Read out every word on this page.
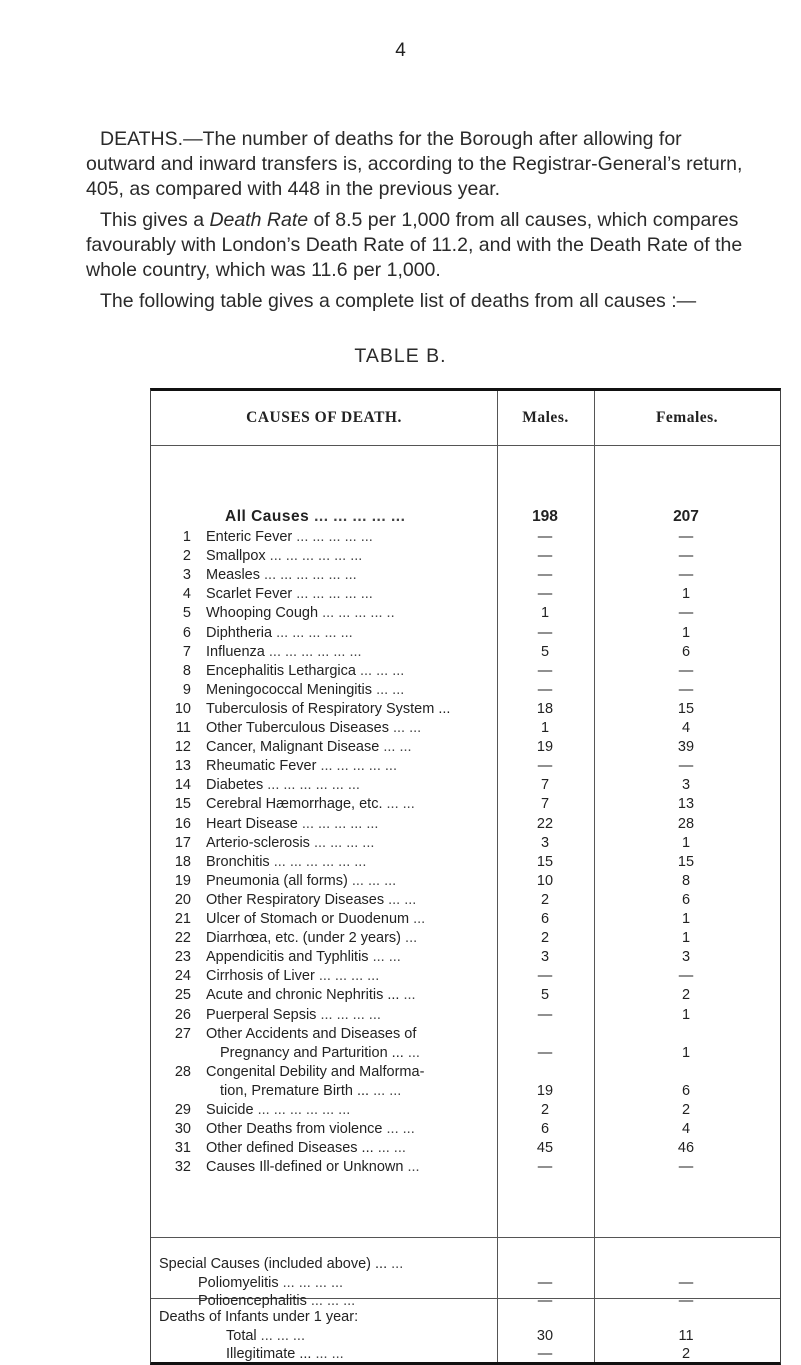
4
DEATHS.—The number of deaths for the Borough after allowing for outward and inward transfers is, according to the Registrar-General’s return, 405, as compared with 448 in the previous year.
This gives a Death Rate of 8.5 per 1,000 from all causes, which compares favourably with London’s Death Rate of 11.2, and with the Death Rate of the whole country, which was 11.6 per 1,000.
The following table gives a complete list of deaths from all causes :—
TABLE B.
CAUSES OF DEATH.	Males.	Females.
All Causes ... ... ... ... ...	198	207
1 Enteric Fever ... ... ... ... ...	—	—
2 Smallpox ... ... ... ... ... ...	—	—
3 Measles ... ... ... ... ... ...	—	—
4 Scarlet Fever ... ... ... ... ...	—	1
5 Whooping Cough ... ... ... ... ..	1	—
6 Diphtheria ... ... ... ... ...	—	1
7 Influenza ... ... ... ... ... ...	5	6
8 Encephalitis Lethargica ... ... ...	—	—
9 Meningococcal Meningitis ... ...	—	—
10 Tuberculosis of Respiratory System ...	18	15
11 Other Tuberculous Diseases ... ...	1	4
12 Cancer, Malignant Disease ... ...	19	39
13 Rheumatic Fever ... ... ... ... ...	—	—
14 Diabetes ... ... ... ... ... ...	7	3
15 Cerebral Hæmorrhage, etc. ... ...	7	13
16 Heart Disease ... ... ... ... ...	22	28
17 Arterio-sclerosis ... ... ... ...	3	1
18 Bronchitis ... ... ... ... ... ...	15	15
19 Pneumonia (all forms) ... ... ...	10	8
20 Other Respiratory Diseases ... ...	2	6
21 Ulcer of Stomach or Duodenum ...	6	1
22 Diarrhœa, etc. (under 2 years) ...	2	1
23 Appendicitis and Typhlitis ... ...	3	3
24 Cirrhosis of Liver ... ... ... ...	—	—
25 Acute and chronic Nephritis ... ...	5	2
26 Puerperal Sepsis ... ... ... ...	—	1
27 Other Accidents and Diseases of
Pregnancy and Parturition ... ...	—	1
28 Congenital Debility and Malforma-
tion, Premature Birth ... ... ...	19	6
29 Suicide ... ... ... ... ... ...	2	2
30 Other Deaths from violence ... ...	6	4
31 Other defined Diseases ... ... ...	45	46
32 Causes Ill-defined or Unknown ...	—	—
Special Causes (included above) ... ...
Poliomyelitis ... ... ... ...	—	—
Polioencephalitis ... ... ...	—	—
Deaths of Infants under 1 year:
Total ... ... ...	30	11
Illegitimate ... ... ...	—	2
